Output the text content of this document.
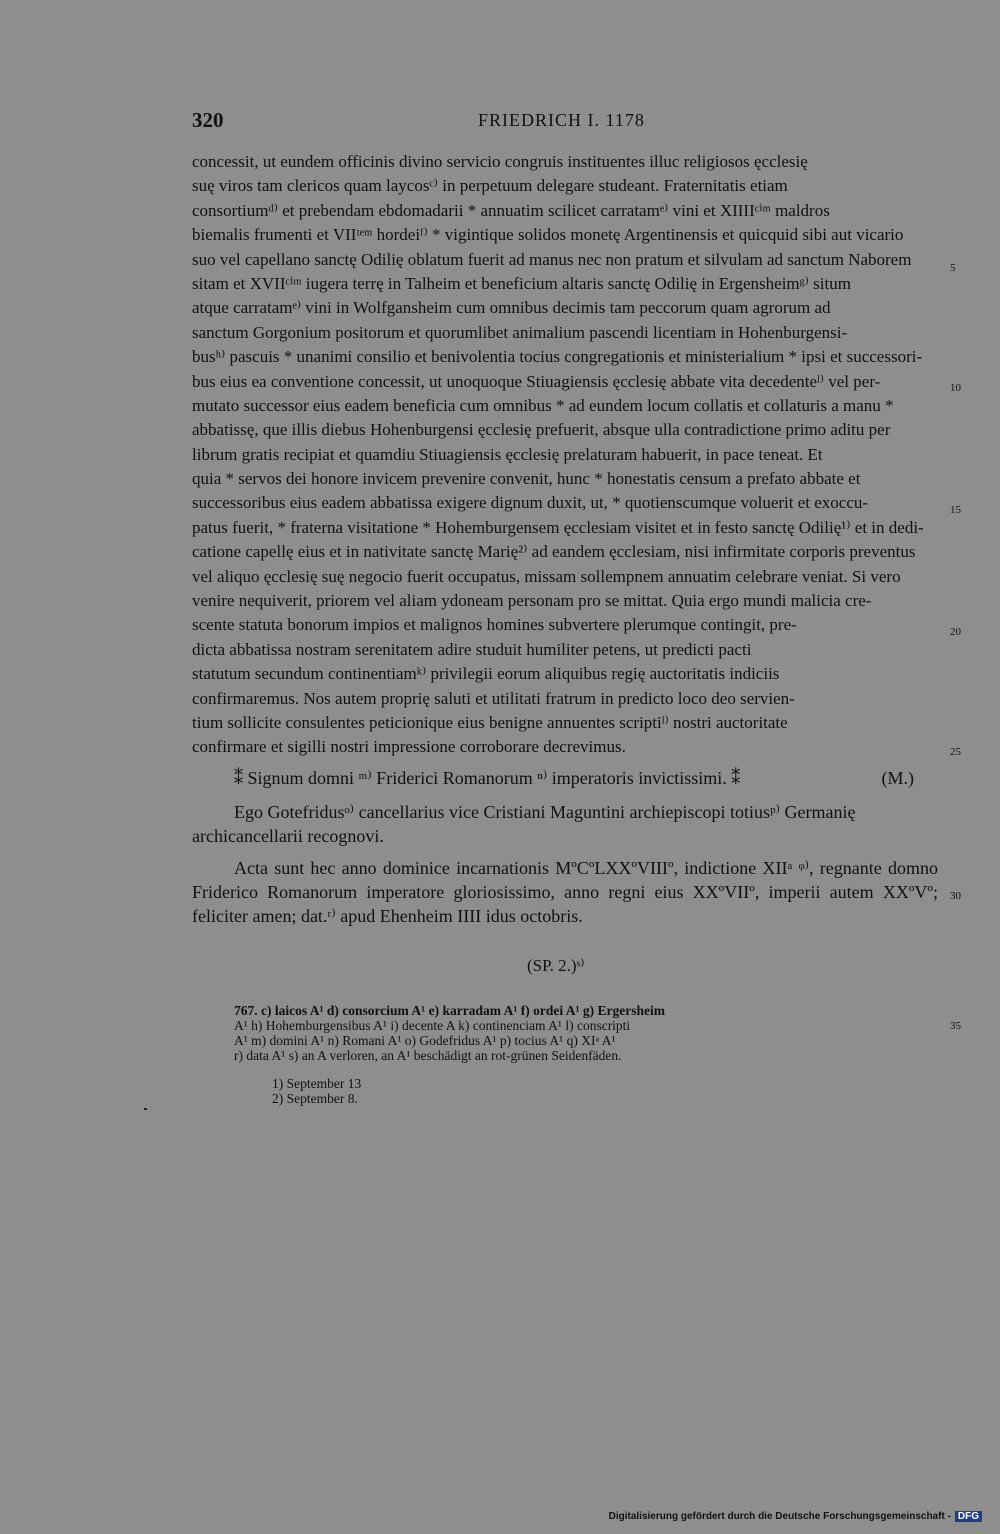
320	FRIEDRICH I. 1178
concessit, ut eundem officinis divino servicio congruis instituentes illuc religiosos ęcclesię
suę viros tam clericos quam laycosᶜ⁾ in perpetuum delegare studeant. Fraternitatis etiam
consortiumᵈ⁾ et prebendam ebdomadarii * annuatim scilicet carratamᵉ⁾ vini et XIIIIᶜⁱᵐ maldros
biemalis frumenti et VIIᵗᵉᵐ hordeiᶠ⁾ * vigintique solidos monetę Argentinensis et quicquid sibi aut vicario
suo vel capellano sanctę Odilię oblatum fuerit ad manus nec non pratum et silvulam ad sanctum Naborem
sitam et XVIIᶜⁱᵐ iugera terrę in Talheim et beneficium altaris sanctę Odilię in Ergensheimᵍ⁾ situm
atque carratamᵉ⁾ vini in Wolfgansheim cum omnibus decimis tam peccorum quam agrorum ad
sanctum Gorgonium positorum et quorumlibet animalium pascendi licentiam in Hohenburgensi-
busʰ⁾ pascuis * unanimi consilio et benivolentia tocius congregationis et ministerialium * ipsi et successori-
bus eius ea conventione concessit, ut unoquoque Stiuagiensis ęcclesię abbate vita decedenteˡ⁾ vel per-
mutato successor eius eadem beneficia cum omnibus * ad eundem locum collatis et collaturis a manu *
abbatissę, que illis diebus Hohenburgensi ęcclesię prefuerit, absque ulla contradictione primo aditu per
librum gratis recipiat et quamdiu Stiuagiensis ęcclesię prelaturam habuerit, in pace teneat. Et
quia * servos dei honore invicem prevenire convenit, hunc * honestatis censum a prefato abbate et
successoribus eius eadem abbatissa exigere dignum duxit, ut, * quotienscumque voluerit et exoccu-
patus fuerit, * fraterna visitatione * Hohemburgensem ęcclesiam visitet et in festo sanctę Odilię¹⁾ et in dedi-
catione capellę eius et in nativitate sanctę Marię²⁾ ad eandem ęcclesiam, nisi infirmitate corporis preventus
vel aliquo ęcclesię suę negocio fuerit occupatus, missam sollempnem annuatim celebrare veniat. Si vero
venire nequiverit, priorem vel aliam ydoneam personam pro se mittat. Quia ergo mundi malicia cre-
scente statuta bonorum impios et malignos homines subvertere plerumque contingit, pre-
dicta abbatissa nostram serenitatem adire studuit humiliter petens, ut predicti pacti
statutum secundum continentiamᵏ⁾ privilegii eorum aliquibus regię auctoritatis indiciis
confirmaremus. Nos autem proprię saluti et utilitati fratrum in predicto loco deo servien-
tium sollicite consulentes peticionique eius benigne annuentes scriptiˡ⁾ nostri auctoritate
confirmare et sigilli nostri impressione corroborare decrevimus.
5
10
15
20
25
30
35
⁑ Signum domni ᵐ⁾ Friderici Romanorum ⁿ⁾ imperatoris invictissimi. ⁑	(M.)
Ego Gotefridusᵒ⁾ cancellarius vice Cristiani Maguntini archiepiscopi totiusᵖ⁾ Germanię archicancellarii recognovi.
Acta sunt hec anno dominice incarnationis MºCºLXXºVIIIº, indictione XIIᵃ ᵠ⁾, regnante domno Friderico Romanorum imperatore gloriosissimo, anno regni eius XXºVIIº, imperii autem XXºVº; feliciter amen; dat.ʳ⁾ apud Ehenheim IIII idus octobris.
(SP. 2.)ˢ⁾
767. c) laicos A¹ d) consorcium A¹ e) karradam A¹ f) ordei A¹ g) Ergersheim
A¹ h) Hohemburgensibus A¹ i) decente A k) continenciam A¹ l) conscripti
A¹ m) domini A¹ n) Romani A¹ o) Godefridus A¹ p) tocius A¹ q) XIᵃ A¹
r) data A¹ s) an A verloren, an A¹ beschädigt an rot-grünen Seidenfäden.
1) September 13
2) September 8.
Digitalisierung gefördert durch die Deutsche Forschungsgemeinschaft - DFG
